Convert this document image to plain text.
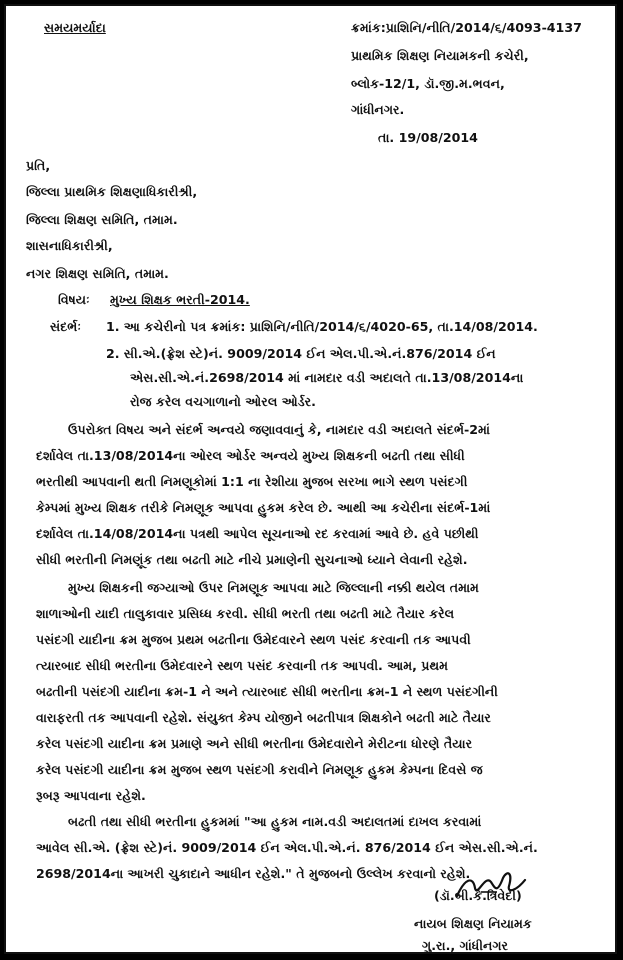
સમયમર્યાદા	ક્રમાંક:પ્રાશિનિ/નીતિ/2014/૬/4093-4137
પ્રાથમિક શિક્ષણ નિયામકની કચેરી,
બ્લોક-12/1, ડૉ.જી.મ.ભવન,
ગાંધીનગર.
તા. 19/08/2014
પ્રતિ,
જિલ્લા પ્રાથમિક શિક્ષણાધિકારીશ્રી,
જિલ્લા શિક્ષણ સમિતિ, તમામ.
શાસનાધિકારીશ્રી,
નગર શિક્ષણ સમિતિ, તમામ.
વિષયઃ મુખ્ય શિક્ષક ભરતી-2014.
સંદર્ભઃ 1. આ કચેરીનો પત્ર ક્રમાંક: પ્રાશિનિ/નીતિ/2014/૬/4020-65, તા.14/08/2014.
2. સી.એ.(ફ્રેશ સ્ટે)નં. 9009/2014 ઈન એલ.પી.એ.નં.876/2014 ઈન
એસ.સી.એ.નં.2698/2014 માં નામદાર વડી અદાલતે તા.13/08/2014ના
રોજ કરેલ વચગાળાનો ઓરલ ઓર્ડર.
ઉપરોક્ત વિષય અને સંદર્ભ અન્વયે જણાવવાનું કે, નામદાર વડી અદાલતે સંદર્ભ-2માં
દર્શાવેલ તા.13/08/2014ના ઓરલ ઓર્ડર અન્વયે મુખ્ય શિક્ષકની બઢતી તથા સીધી
ભરતીથી આપવાની થતી નિમણૂકોમાં 1:1 ના રેશીયા મુજબ સરખા ભાગે સ્થળ પસંદગી
કેમ્પમાં મુખ્ય શિક્ષક તરીકે નિમણૂક આપવા હુકમ કરેલ છે. આથી આ કચેરીના સંદર્ભ-1માં
દર્શાવેલ તા.14/08/2014ના પત્રથી આપેલ સૂચનાઓ રદ કરવામાં આવે છે. હવે પછીથી
સીધી ભરતીની નિમણૂંક તથા બઢતી માટે નીચે પ્રમાણેની સુચનાઓ ધ્યાને લેવાની રહેશે.
મુખ્ય શિક્ષકની જગ્યાઓ ઉપર નિમણૂક આપવા માટે જિલ્લાની નક્કી થયેલ તમામ
શાળાઓની યાદી તાલુકાવાર પ્રસિધ્ધ કરવી. સીધી ભરતી તથા બઢતી માટે તૈયાર કરેલ
પસંદગી યાદીના ક્રમ મુજબ પ્રથમ બઢતીના ઉમેદવારને સ્થળ પસંદ કરવાની તક આપવી
ત્યારબાદ સીધી ભરતીના ઉમેદવારને સ્થળ પસંદ કરવાની તક આપવી. આમ, પ્રથમ
બઢતીની પસંદગી યાદીના ક્રમ-1 ને અને ત્યારબાદ સીધી ભરતીના ક્રમ-1 ને સ્થળ પસંદગીની
વારાફરતી તક આપવાની રહેશે. સંયુક્ત કેમ્પ યોજીને બઢતીપાત્ર શિક્ષકોને બઢતી માટે તૈયાર
કરેલ પસંદગી યાદીના ક્રમ પ્રમાણે અને સીધી ભરતીના ઉમેદવારોને મેરીટના ધોરણે તૈયાર
કરેલ પસંદગી યાદીના ક્રમ મુજબ સ્થળ પસંદગી કરાવીને નિમણૂક હુકમ કેમ્પના દિવસે જ
રૂબરૂ આપવાના રહેશે.
બઢતી તથા સીધી ભરતીના હુકમમાં "આ હુકમ નામ.વડી અદાલતમાં દાખલ કરવામાં
આવેલ સી.એ. (ફ્રેશ સ્ટે)નં. 9009/2014 ઈન એલ.પી.એ.નં. 876/2014 ઈન એસ.સી.એ.નં.
2698/2014ના આખરી ચુકાદાને આધીન રહેશે." તે મુજબનો ઉલ્લેખ કરવાનો રહેશે.
(ડૉ.બી.કે.ત્રિવેદી)
નાયબ શિક્ષણ નિયામક
ગુ.રા., ગાંધીનગર
